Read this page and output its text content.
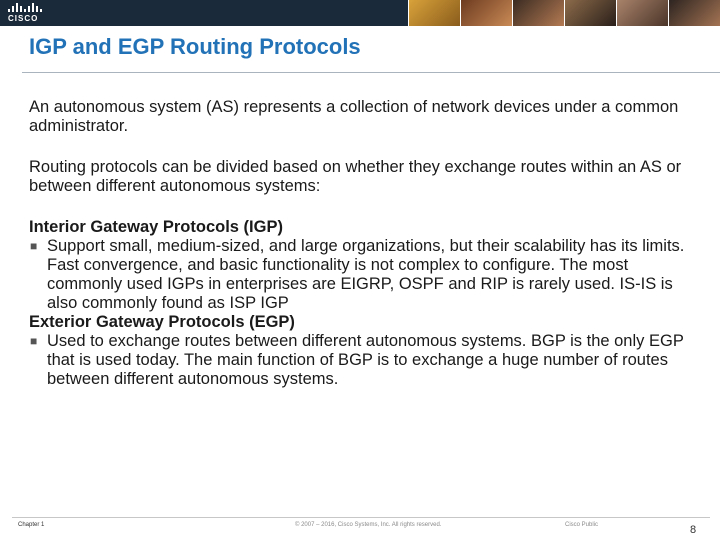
CISCO
IGP and EGP Routing Protocols

An autonomous system (AS) represents a collection of network devices under a common administrator.

Routing protocols can be divided based on whether they exchange routes within an AS or between different autonomous systems:

Interior Gateway Protocols (IGP)

■ Support small, medium-sized, and large organizations, but their scalability has its limits. Fast convergence, and basic functionality is not complex to configure. The most commonly used IGPs in enterprises are EIGRP, OSPF and RIP is rarely used. IS-IS is also commonly found as ISP IGP

Exterior Gateway Protocols (EGP)

■ Used to exchange routes between different autonomous systems. BGP is the only EGP that is used today. The main function of BGP is to exchange a huge number of routes between different autonomous systems.
Chapter 1	© 2007 – 2016, Cisco Systems, Inc. All rights reserved.	Cisco Public	8
